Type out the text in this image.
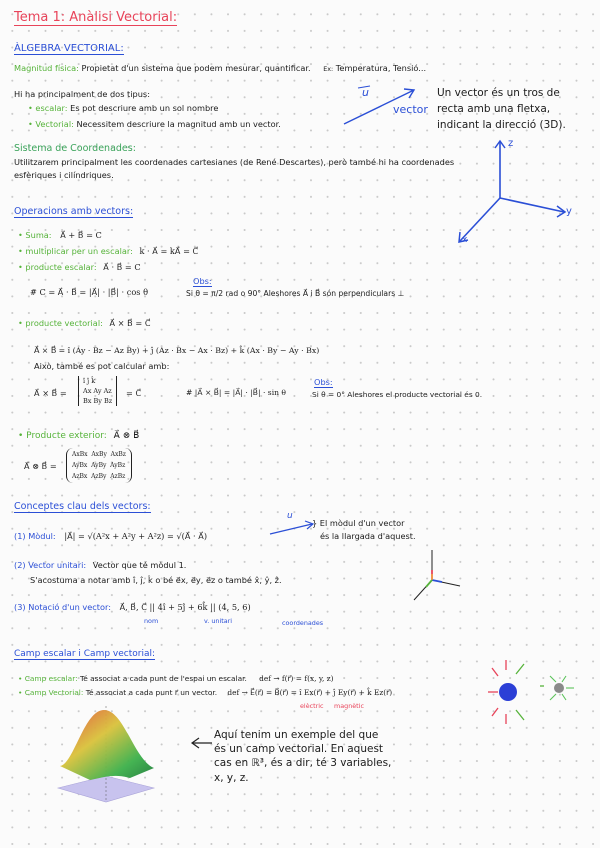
Tema 1: Anàlisi Vectorial:
ÀLGEBRA VECTORIAL:
Magnitud física: Propietat d'un sistema que podem mesurar, quantificar. Ex: Temperatura, Tensió...
Hi ha principalment de dos tipus:
• escalar: Es pot descriure amb un sol nombre
• Vectorial: Necessitem descriure la magnitud amb un vector.
u
vector
Un vector és un tros de
recta amb una fletxa,
indicant la direcció (3D).
z
y
x
Sistema de Coordenades:
Utilitzarem principalment les coordenades cartesianes (de René Descartes), però també hi ha coordenades
esfèriques i cilíndriques.
Operacions amb vectors:
• Suma: A⃗ + B⃗ = C
• multiplicar per un escalar: k · A⃗ = kA⃗ = C⃗
• producte escalar: A⃗ · B⃗ = C
# C = A⃗ · B⃗ = |A⃗| · |B⃗| · cos θ
Obs:
Si θ = π/2 rad o 90° Aleshores A⃗ i B⃗ són perpendiculars ⊥
• producte vectorial: A⃗ × B⃗ = C⃗
A⃗ × B⃗ = î (Ay · Bz − Az By) + ĵ (Az · Bx − Ax · Bz) + k̂ (Ax · By − Ay · Bx)
Això, també es pot calcular amb:
A⃗ × B⃗ =
î ĵ k̂
Ax Ay Az
Bx By Bz
= C⃗	# |A⃗ × B⃗| = |A⃗| · |B⃗| · sin θ
Obs:
Si θ = 0° Aleshores el producte vectorial és 0.
• Producte exterior: A⃗ ⊗ B⃗
A⃗ ⊗ B⃗ =
AxBx  AxBy  AxBz
AyBx  AyBy  AyBz
AzBx  AzBy  AzBz
Conceptes clau dels vectors:
(1) Mòdul: |A⃗| = √(A²x + A²y + A²z) = √(A⃗ · A⃗)
u
} El mòdul d'un vector
és la llargada d'aquest.
(2) Vector unitari: Vector que té mòdul 1.
S'acostuma a notar amb î, ĵ, k̂ o bé e⃗x, e⃗y, e⃗z o també x̂, ŷ, ẑ.
(3) Notació d'un vector: A⃗, B⃗, C⃗ || 4î + 5ĵ + 6k̂ || (4, 5, 6)
nom	v. unitari	coordenades
Camp escalar i Camp vectorial:
• Camp escalar: Té associat a cada punt de l'espai un escalar. def → f(r⃗) = f(x, y, z)
• Camp Vectorial: Té associat a cada punt r⃗ un vector. def → E⃗(r⃗) = B⃗(r⃗) = î Ex(r⃗) + ĵ Ey(r⃗) + k̂ Ez(r⃗)
elèctric magnètic
Aquí tenim un exemple del que
és un camp vectorial. En aquest
cas en ℝ³, és a dir, té 3 variables,
x, y, z.
